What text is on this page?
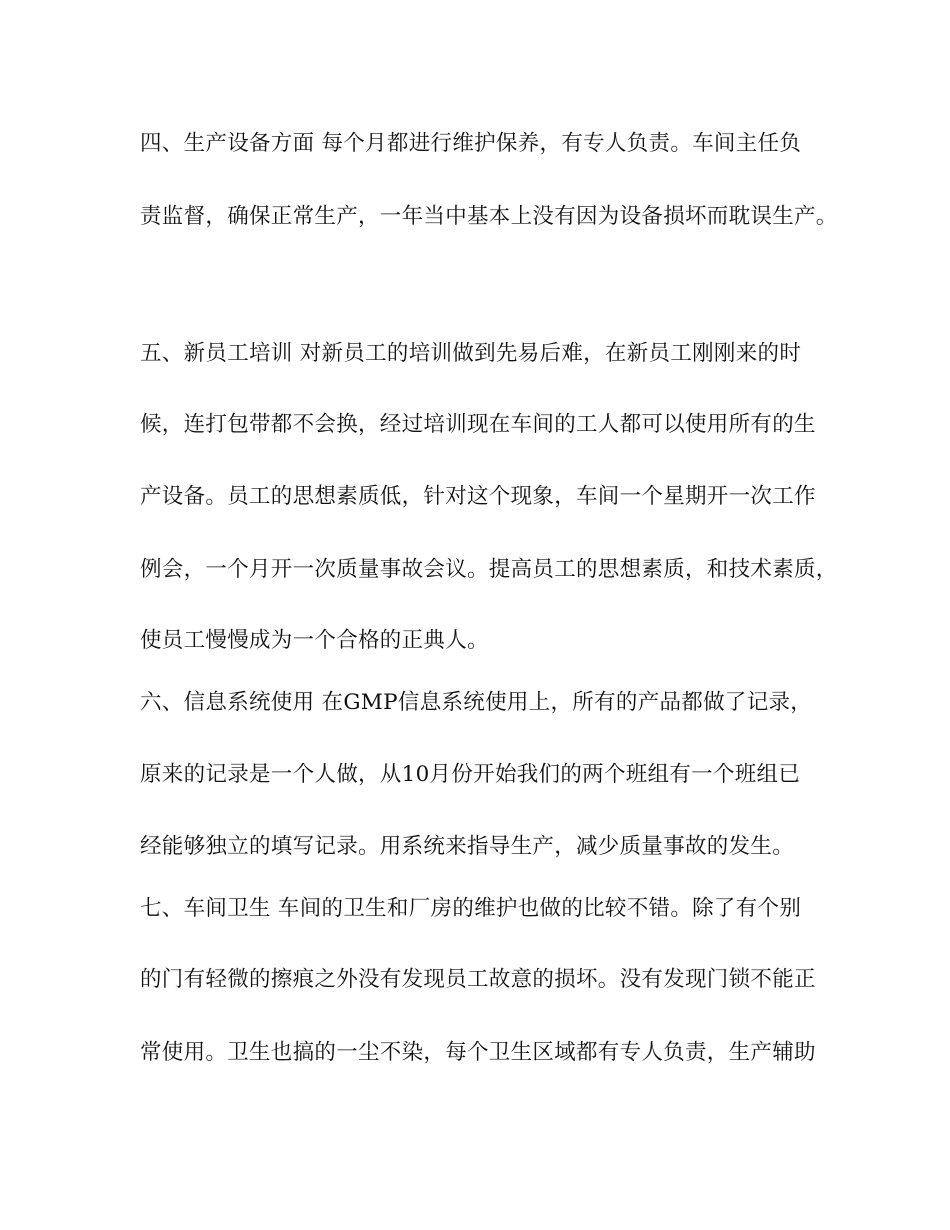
四、生产设备方面 每个月都进行维护保养，有专人负责。车间主任负
责监督，确保正常生产，一年当中基本上没有因为设备损坏而耽误生产。
五、新员工培训 对新员工的培训做到先易后难，在新员工刚刚来的时
候，连打包带都不会换，经过培训现在车间的工人都可以使用所有的生
产设备。员工的思想素质低，针对这个现象，车间一个星期开一次工作
例会，一个月开一次质量事故会议。提高员工的思想素质，和技术素质，
使员工慢慢成为一个合格的正典人。
六、信息系统使用 在GMP信息系统使用上，所有的产品都做了记录，
原来的记录是一个人做，从10月份开始我们的两个班组有一个班组已
经能够独立的填写记录。用系统来指导生产，减少质量事故的发生。
七、车间卫生 车间的卫生和厂房的维护也做的比较不错。除了有个别
的门有轻微的擦痕之外没有发现员工故意的损坏。没有发现门锁不能正
常使用。卫生也搞的一尘不染，每个卫生区域都有专人负责，生产辅助
